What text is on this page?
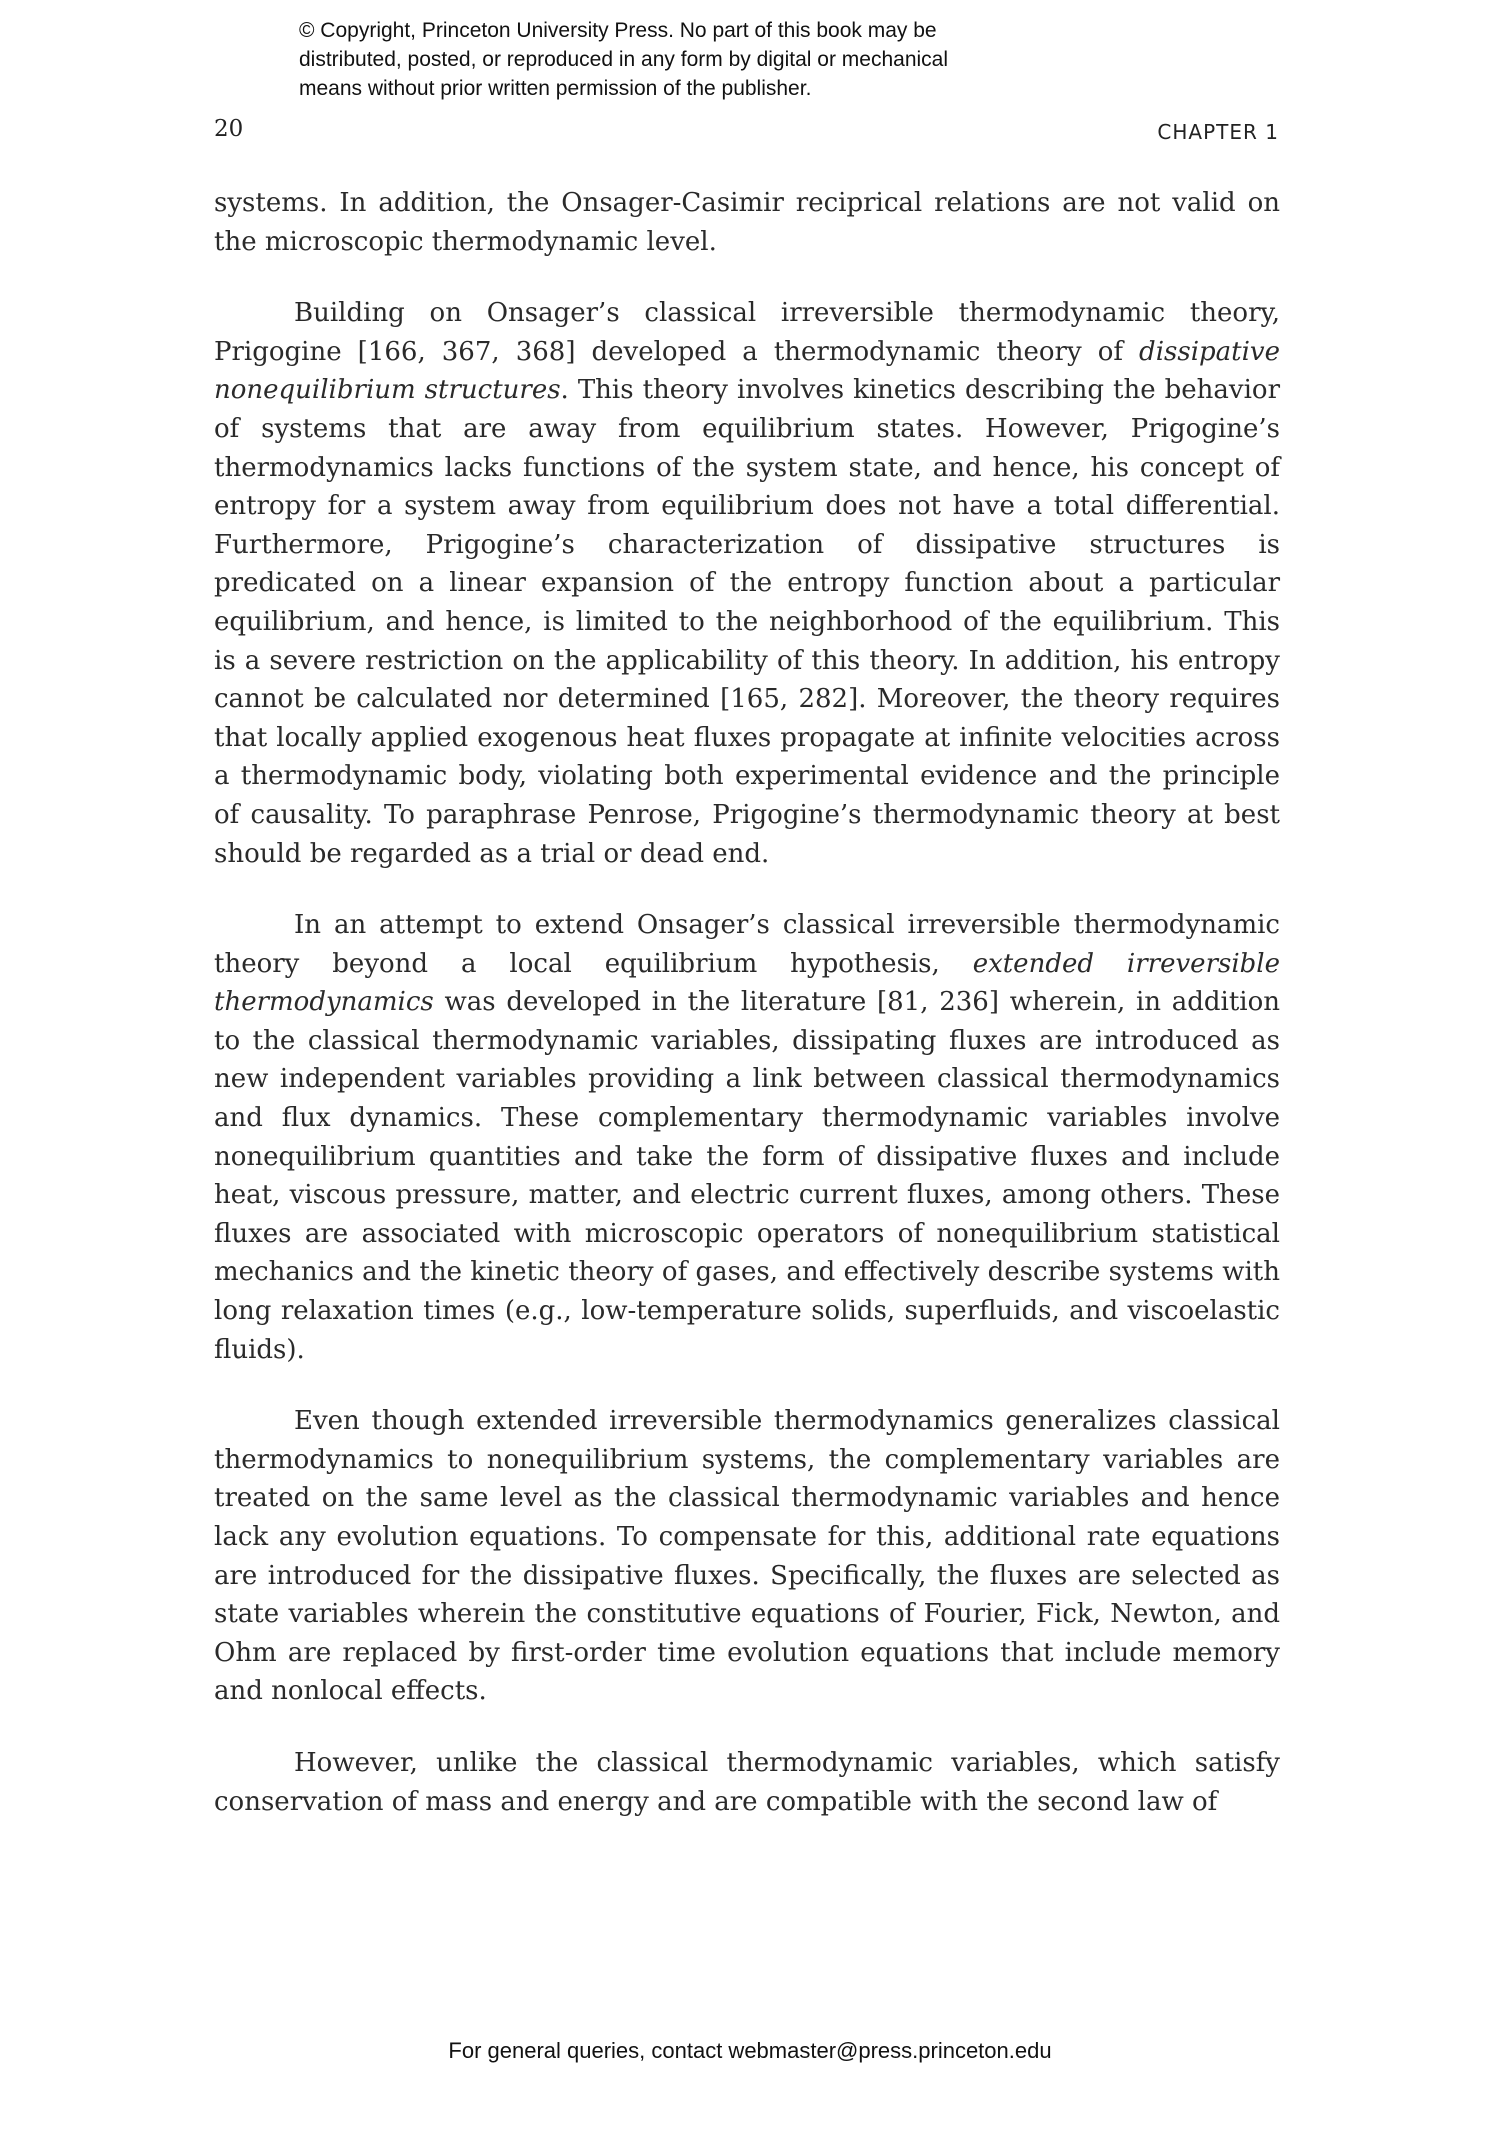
© Copyright, Princeton University Press. No part of this book may be
distributed, posted, or reproduced in any form by digital or mechanical
means without prior written permission of the publisher.
20	CHAPTER 1

systems. In addition, the Onsager-Casimir reciprical relations are not valid on the microscopic thermodynamic level.

Building on Onsager’s classical irreversible thermodynamic theory, Prigogine [166, 367, 368] developed a thermodynamic theory of dissipative nonequilibrium structures. This theory involves kinetics describing the behavior of systems that are away from equilibrium states. However, Prigogine’s thermodynamics lacks functions of the system state, and hence, his concept of entropy for a system away from equilibrium does not have a total differential. Furthermore, Prigogine’s characterization of dissipative structures is predicated on a linear expansion of the entropy function about a particular equilibrium, and hence, is limited to the neighborhood of the equilibrium. This is a severe restriction on the applicability of this theory. In addition, his entropy cannot be calculated nor determined [165, 282]. Moreover, the theory requires that locally applied exogenous heat fluxes propagate at infinite velocities across a thermodynamic body, violating both experimental evidence and the principle of causality. To paraphrase Penrose, Prigogine’s thermodynamic theory at best should be regarded as a trial or dead end.

In an attempt to extend Onsager’s classical irreversible thermodynamic theory beyond a local equilibrium hypothesis, extended irreversible thermodynamics was developed in the literature [81, 236] wherein, in addition to the classical thermodynamic variables, dissipating fluxes are introduced as new independent variables providing a link between classical thermodynamics and flux dynamics. These complementary thermodynamic variables involve nonequilibrium quantities and take the form of dissipative fluxes and include heat, viscous pressure, matter, and electric current fluxes, among others. These fluxes are associated with microscopic operators of nonequilibrium statistical mechanics and the kinetic theory of gases, and effectively describe systems with long relaxation times (e.g., low-temperature solids, superfluids, and viscoelastic fluids).

Even though extended irreversible thermodynamics generalizes classical thermodynamics to nonequilibrium systems, the complementary variables are treated on the same level as the classical thermodynamic variables and hence lack any evolution equations. To compensate for this, additional rate equations are introduced for the dissipative fluxes. Specifically, the fluxes are selected as state variables wherein the constitutive equations of Fourier, Fick, Newton, and Ohm are replaced by first-order time evolution equations that include memory and nonlocal effects.

However, unlike the classical thermodynamic variables, which satisfy conservation of mass and energy and are compatible with the second law of

For general queries, contact webmaster@press.princeton.edu
